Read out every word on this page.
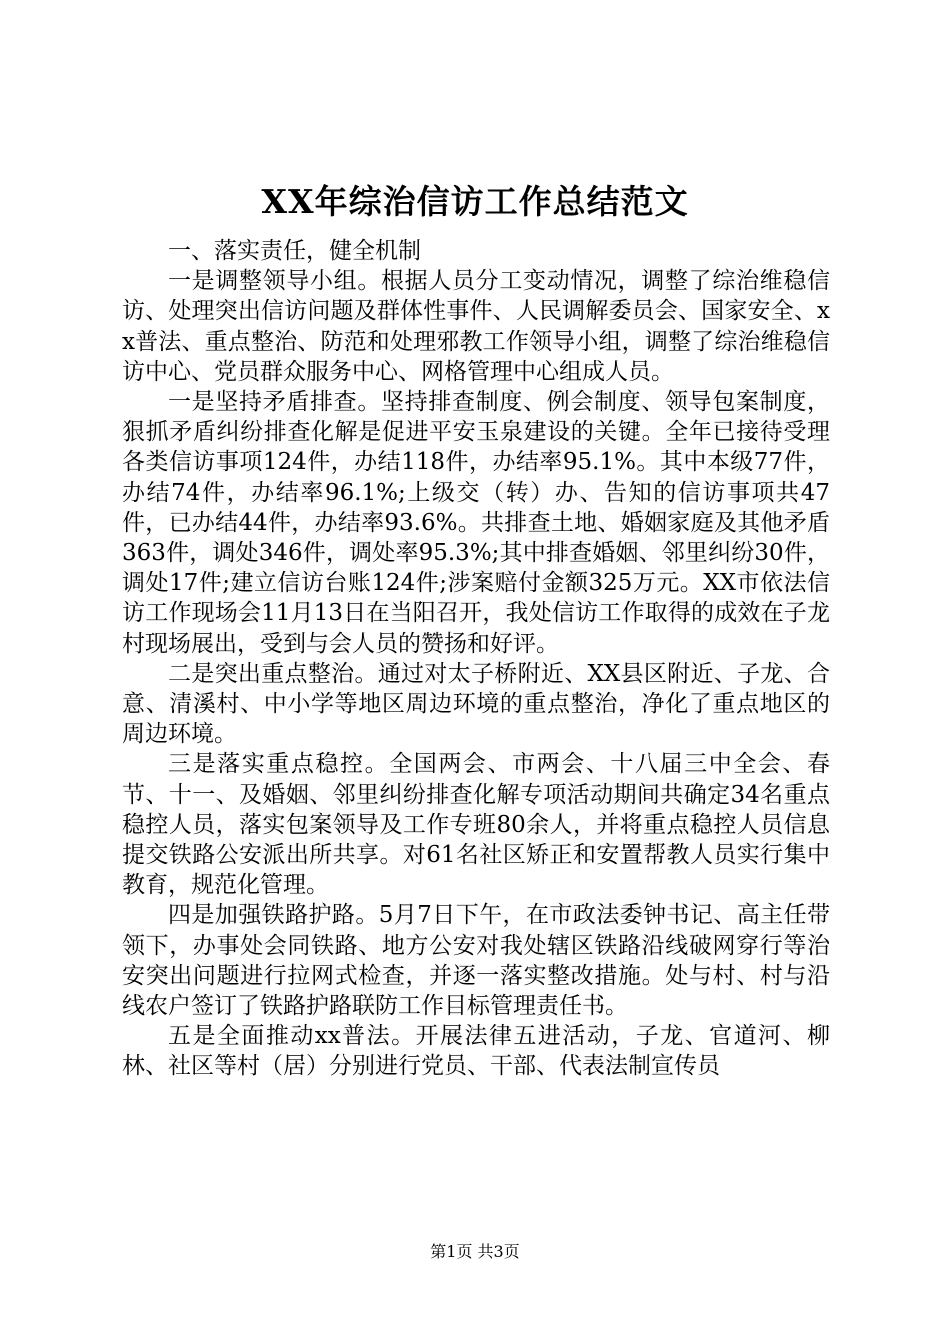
XX年综治信访工作总结范文

一、落实责任，健全机制

一是调整领导小组。根据人员分工变动情况，调整了综治维稳信访、处理突出信访问题及群体性事件、人民调解委员会、国家安全、xx普法、重点整治、防范和处理邪教工作领导小组，调整了综治维稳信访中心、党员群众服务中心、网格管理中心组成人员。

一是坚持矛盾排查。坚持排查制度、例会制度、领导包案制度，狠抓矛盾纠纷排查化解是促进平安玉泉建设的关键。全年已接待受理各类信访事项124件，办结118件，办结率95.1%。其中本级77件，办结74件，办结率96.1%;上级交（转）办、告知的信访事项共47件，已办结44件，办结率93.6%。共排查土地、婚姻家庭及其他矛盾363件，调处346件，调处率95.3%;其中排查婚姻、邻里纠纷30件，调处17件;建立信访台账124件;涉案赔付金额325万元。XX市依法信访工作现场会11月13日在当阳召开，我处信访工作取得的成效在子龙村现场展出，受到与会人员的赞扬和好评。

二是突出重点整治。通过对太子桥附近、XX县区附近、子龙、合意、清溪村、中小学等地区周边环境的重点整治，净化了重点地区的周边环境。

三是落实重点稳控。全国两会、市两会、十八届三中全会、春节、十一、及婚姻、邻里纠纷排查化解专项活动期间共确定34名重点稳控人员，落实包案领导及工作专班80余人，并将重点稳控人员信息提交铁路公安派出所共享。对61名社区矫正和安置帮教人员实行集中教育，规范化管理。

四是加强铁路护路。5月7日下午，在市政法委钟书记、高主任带领下，办事处会同铁路、地方公安对我处辖区铁路沿线破网穿行等治安突出问题进行拉网式检查，并逐一落实整改措施。处与村、村与沿线农户签订了铁路护路联防工作目标管理责任书。

五是全面推动xx普法。开展法律五进活动，子龙、官道河、柳林、社区等村（居）分别进行党员、干部、代表法制宣传员

第1页 共3页
